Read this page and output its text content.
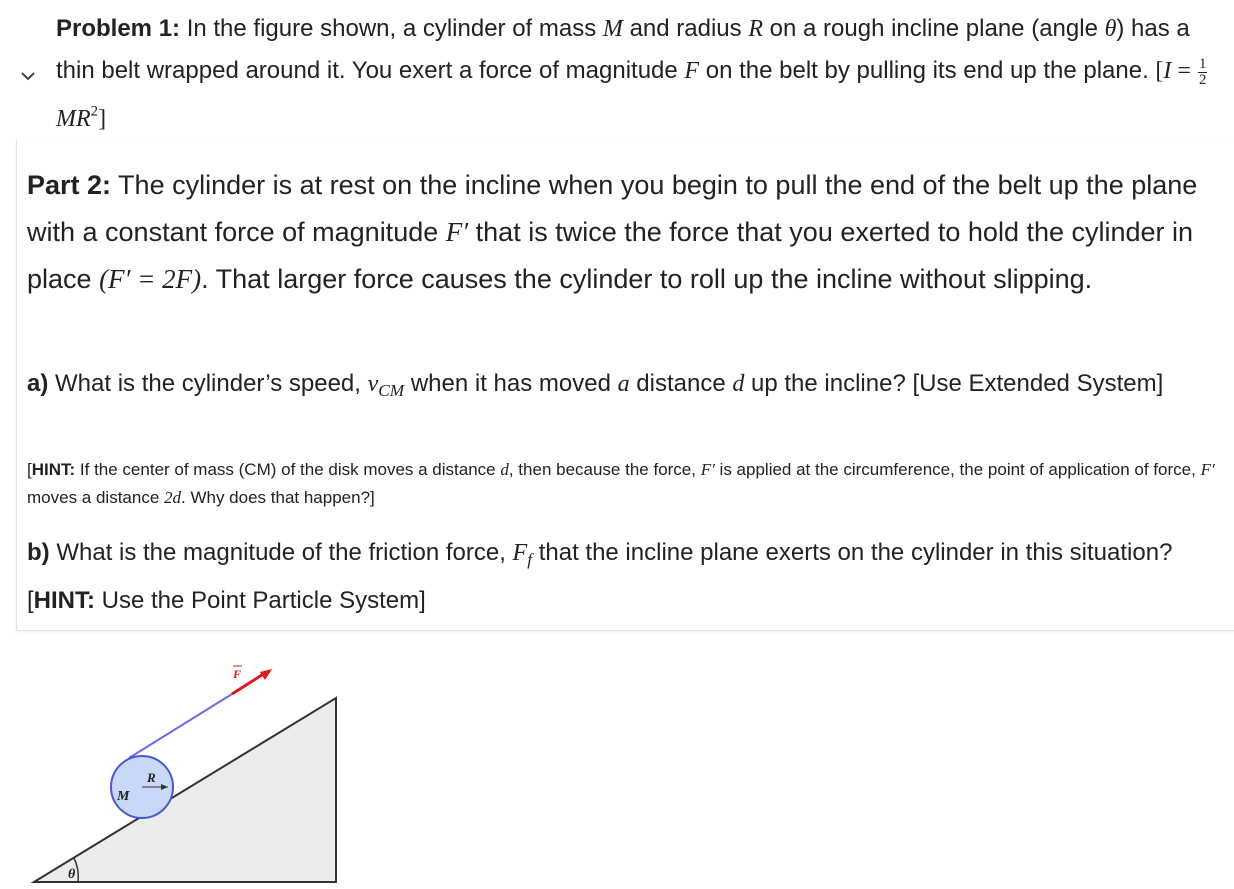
Problem 1: In the figure shown, a cylinder of mass M and radius R on a rough incline plane (angle θ) has a thin belt wrapped around it. You exert a force of magnitude F on the belt by pulling its end up the plane. [$I = \frac{1}{2}$
$MR^2$]

Part 2: The cylinder is at rest on the incline when you begin to pull the end of the belt up the plane with a constant force of magnitude F′ that is twice the force that you exerted to hold the cylinder in place (F′ = 2F). That larger force causes the cylinder to roll up the incline without slipping.

a) What is the cylinder’s speed, $v_{CM}$ when it has moved a distance d up the incline? [Use Extended System]

[HINT: If the center of mass (CM) of the disk moves a distance d, then because the force, F′ is applied at the circumference, the point of application of force, F′ moves a distance 2d. Why does that happen?]

b) What is the magnitude of the friction force, $F_f$ that the incline plane exerts on the cylinder in this situation? [HINT: Use the Point Particle System]

θ
M
R
F
